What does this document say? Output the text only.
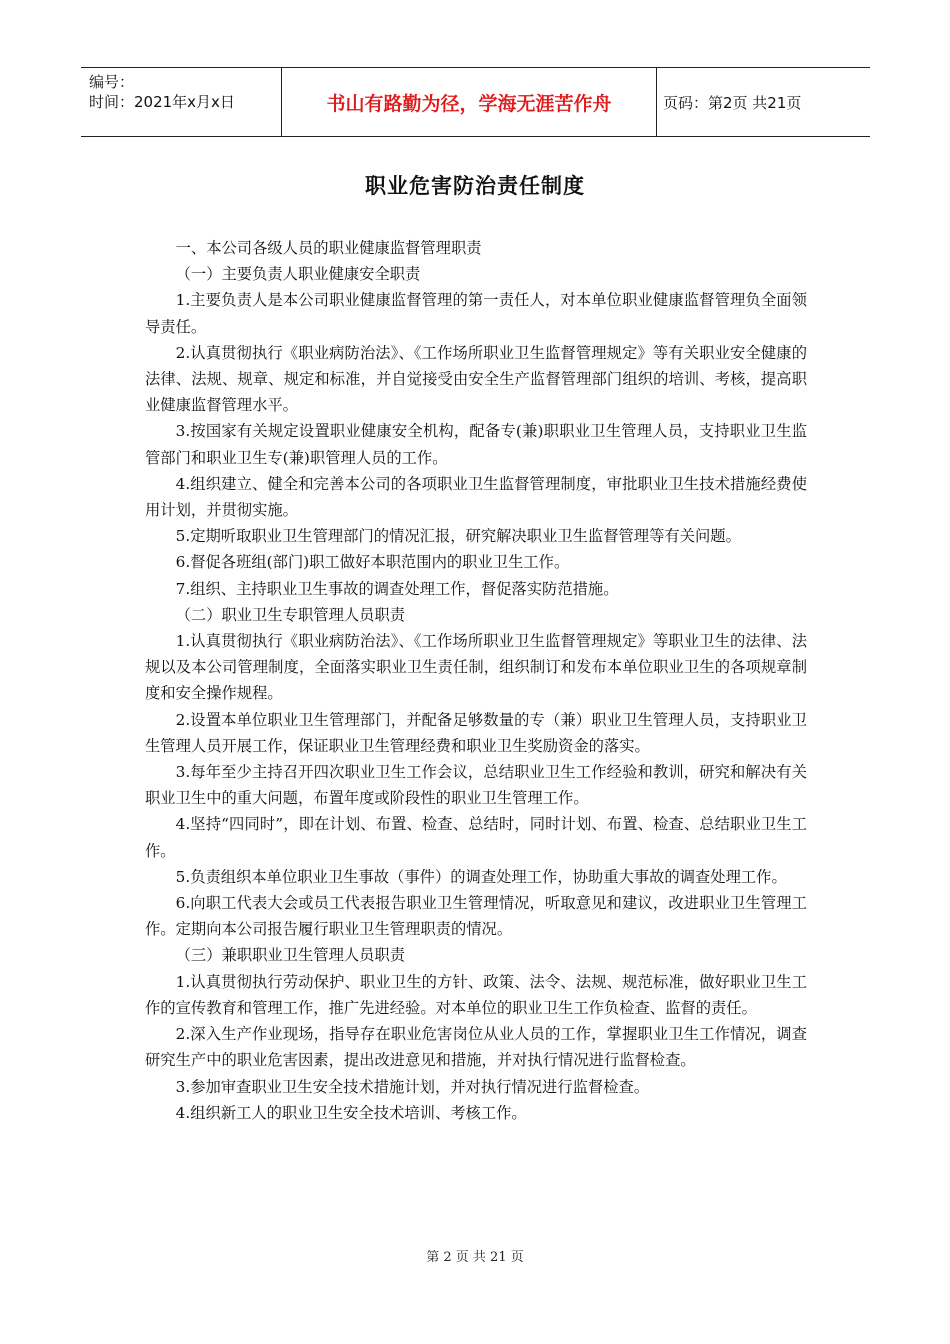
编号：
时间：2021年x月x日	书山有路勤为径，学海无涯苦作舟	页码：第2页 共21页
职业危害防治责任制度

一、本公司各级人员的职业健康监督管理职责

（一）主要负责人职业健康安全职责

1.主要负责人是本公司职业健康监督管理的第一责任人，对本单位职业健康监督管理负全面领导责任。

2.认真贯彻执行《职业病防治法》、《工作场所职业卫生监督管理规定》等有关职业安全健康的法律、法规、规章、规定和标准，并自觉接受由安全生产监督管理部门组织的培训、考核，提高职业健康监督管理水平。

3.按国家有关规定设置职业健康安全机构，配备专(兼)职职业卫生管理人员，支持职业卫生监管部门和职业卫生专(兼)职管理人员的工作。

4.组织建立、健全和完善本公司的各项职业卫生监督管理制度，审批职业卫生技术措施经费使用计划，并贯彻实施。

5.定期听取职业卫生管理部门的情况汇报，研究解决职业卫生监督管理等有关问题。

6.督促各班组(部门)职工做好本职范围内的职业卫生工作。

7.组织、主持职业卫生事故的调查处理工作，督促落实防范措施。

（二）职业卫生专职管理人员职责

1.认真贯彻执行《职业病防治法》、《工作场所职业卫生监督管理规定》等职业卫生的法律、法规以及本公司管理制度，全面落实职业卫生责任制，组织制订和发布本单位职业卫生的各项规章制度和安全操作规程。

2.设置本单位职业卫生管理部门，并配备足够数量的专（兼）职业卫生管理人员，支持职业卫生管理人员开展工作，保证职业卫生管理经费和职业卫生奖励资金的落实。

3.每年至少主持召开四次职业卫生工作会议，总结职业卫生工作经验和教训，研究和解决有关职业卫生中的重大问题，布置年度或阶段性的职业卫生管理工作。

4.坚持“四同时”，即在计划、布置、检查、总结时，同时计划、布置、检查、总结职业卫生工作。

5.负责组织本单位职业卫生事故（事件）的调查处理工作，协助重大事故的调查处理工作。

6.向职工代表大会或员工代表报告职业卫生管理情况，听取意见和建议，改进职业卫生管理工作。定期向本公司报告履行职业卫生管理职责的情况。

（三）兼职职业卫生管理人员职责

1.认真贯彻执行劳动保护、职业卫生的方针、政策、法令、法规、规范标准，做好职业卫生工作的宣传教育和管理工作，推广先进经验。对本单位的职业卫生工作负检查、监督的责任。

2.深入生产作业现场，指导存在职业危害岗位从业人员的工作，掌握职业卫生工作情况，调查研究生产中的职业危害因素，提出改进意见和措施，并对执行情况进行监督检查。

3.参加审查职业卫生安全技术措施计划，并对执行情况进行监督检查。

4.组织新工人的职业卫生安全技术培训、考核工作。

第 2 页 共 21 页
